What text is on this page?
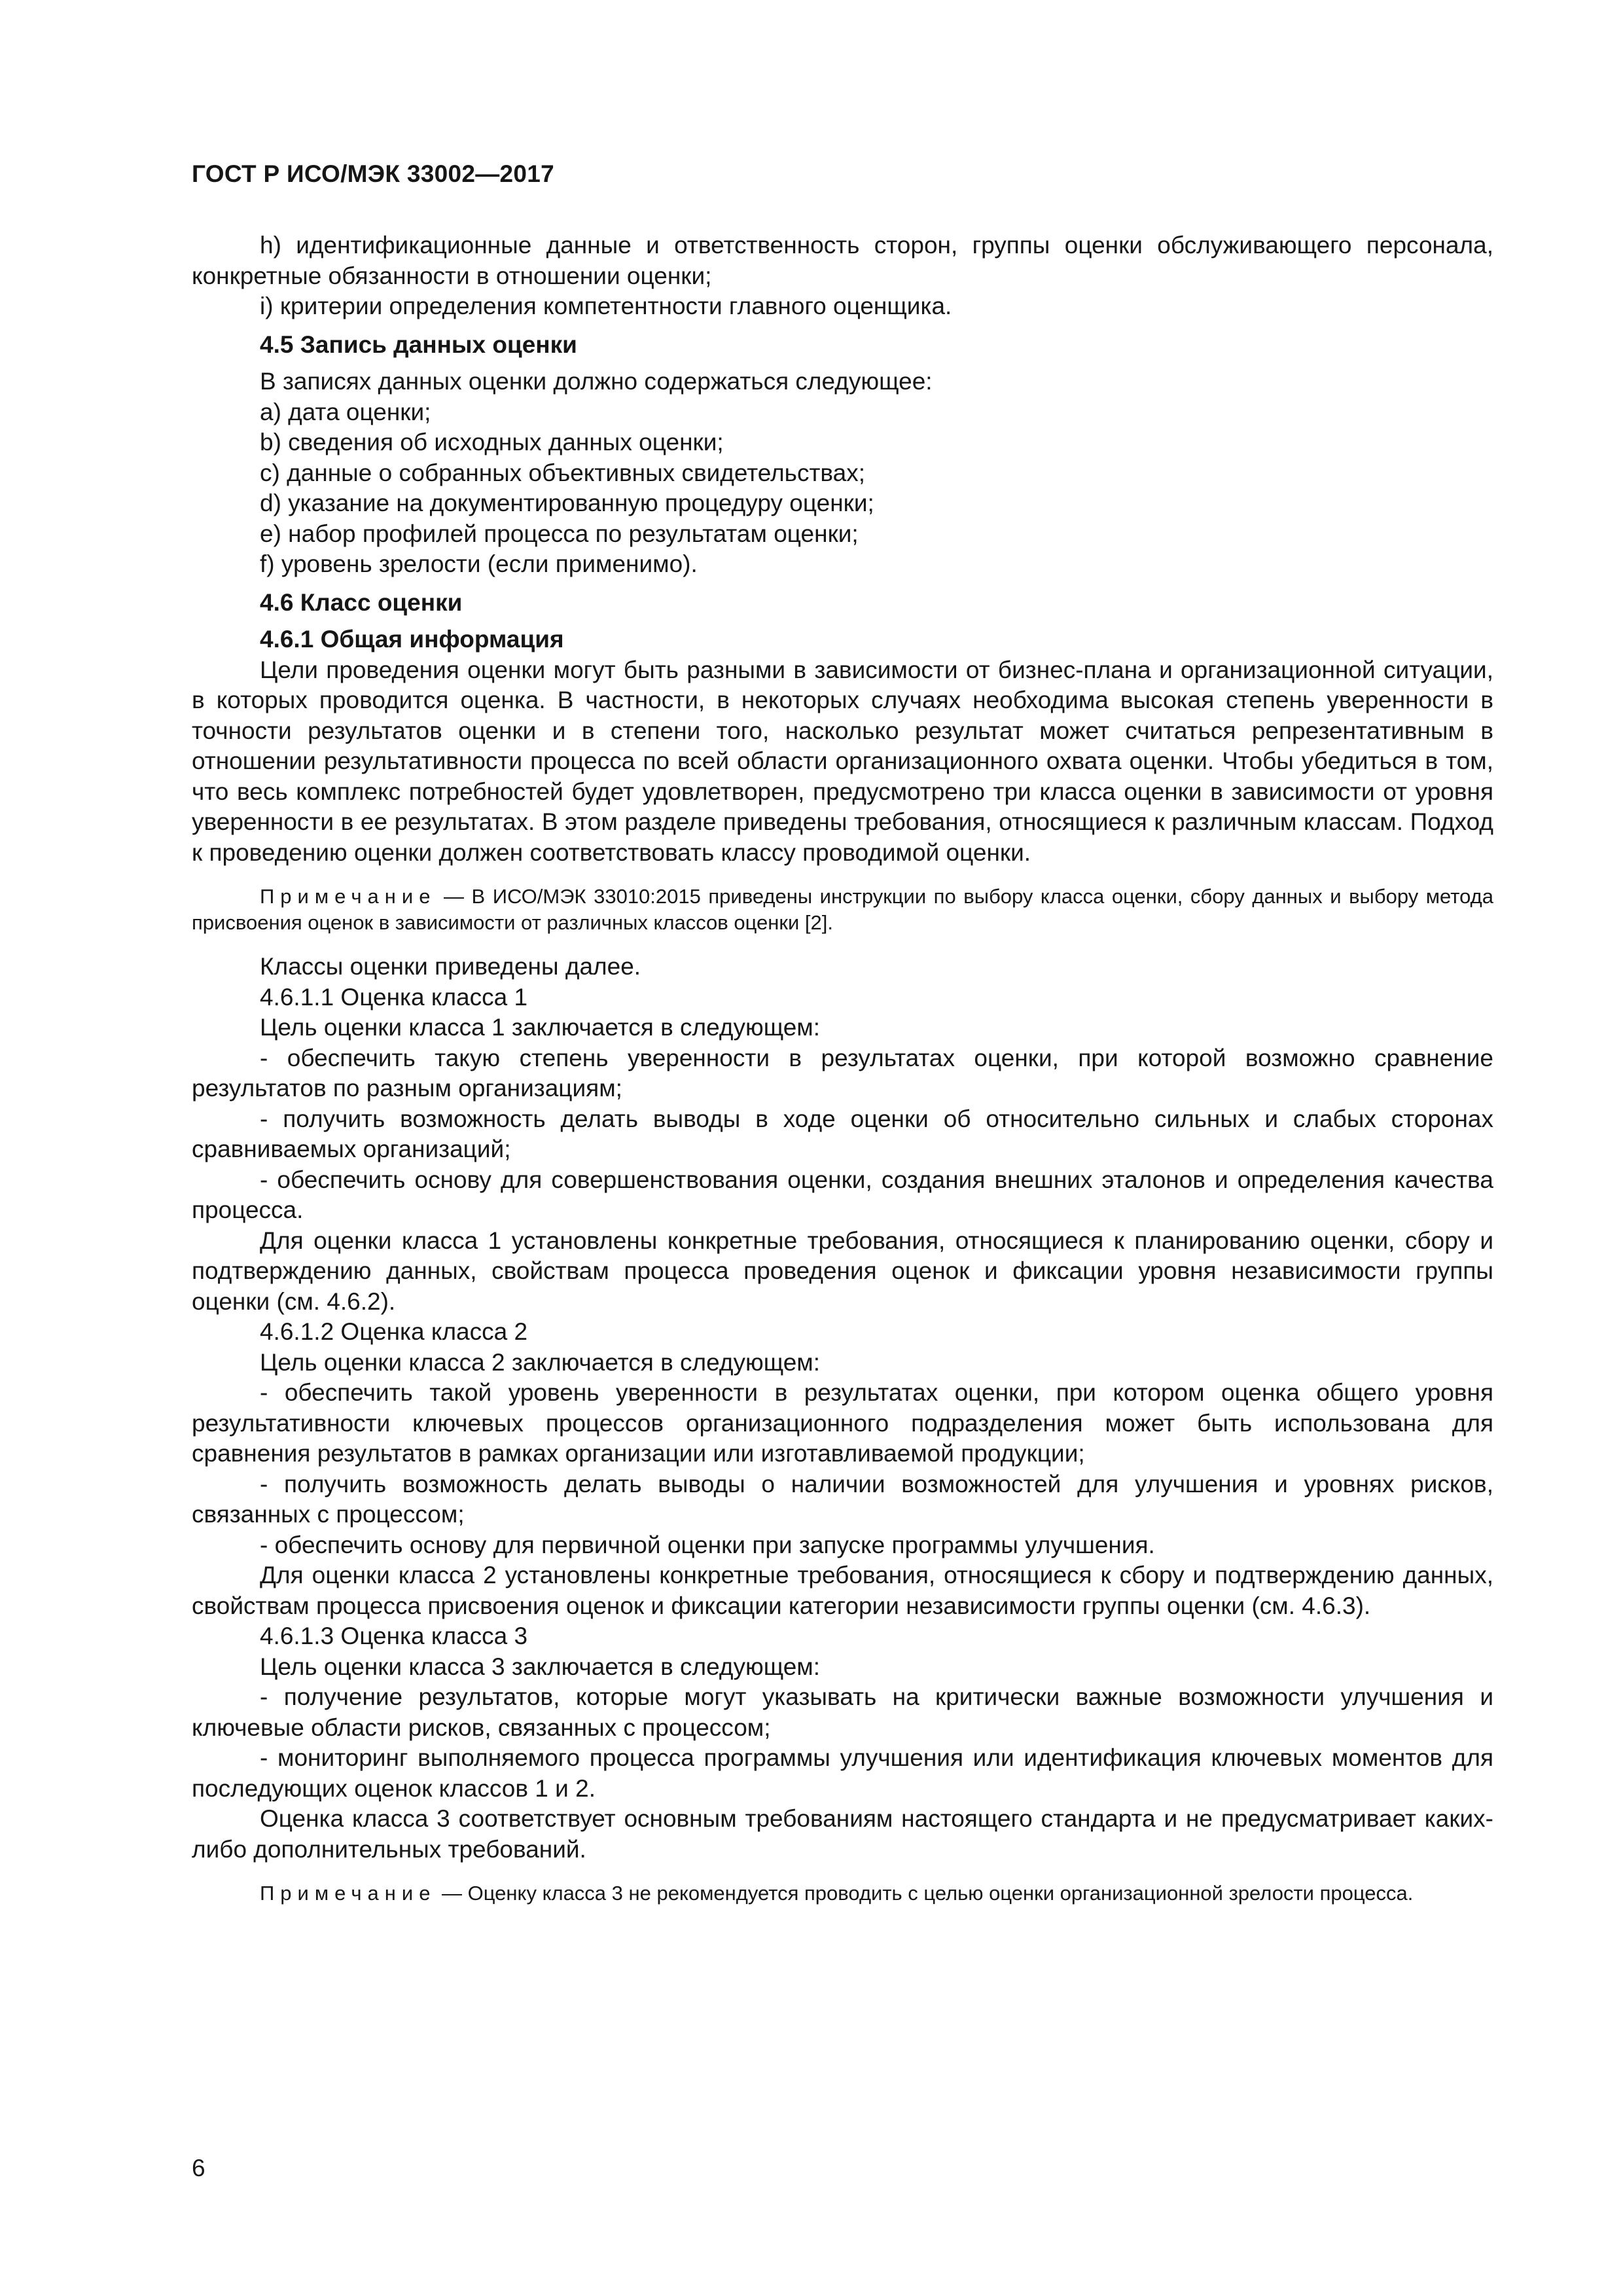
ГОСТ Р ИСО/МЭК 33002—2017

h) идентификационные данные и ответственность сторон, группы оценки обслуживающего персонала, конкретные обязанности в отношении оценки;

i) критерии определения компетентности главного оценщика.

4.5 Запись данных оценки

В записях данных оценки должно содержаться следующее:

a) дата оценки;

b) сведения об исходных данных оценки;

c) данные о собранных объективных свидетельствах;

d) указание на документированную процедуру оценки;

e) набор профилей процесса по результатам оценки;

f) уровень зрелости (если применимо).

4.6 Класс оценки
4.6.1 Общая информация

Цели проведения оценки могут быть разными в зависимости от бизнес-плана и организационной ситуации, в которых проводится оценка. В частности, в некоторых случаях необходима высокая степень уверенности в точности результатов оценки и в степени того, насколько результат может считаться репрезентативным в отношении результативности процесса по всей области организационного охвата оценки. Чтобы убедиться в том, что весь комплекс потребностей будет удовлетворен, предусмотрено три класса оценки в зависимости от уровня уверенности в ее результатах. В этом разделе приведены требования, относящиеся к различным классам. Подход к проведению оценки должен соответствовать классу проводимой оценки.

Примечание — В ИСО/МЭК 33010:2015 приведены инструкции по выбору класса оценки, сбору данных и выбору метода присвоения оценок в зависимости от различных классов оценки [2].

Классы оценки приведены далее.

4.6.1.1 Оценка класса 1

Цель оценки класса 1 заключается в следующем:

- обеспечить такую степень уверенности в результатах оценки, при которой возможно сравнение результатов по разным организациям;

- получить возможность делать выводы в ходе оценки об относительно сильных и слабых сторонах сравниваемых организаций;

- обеспечить основу для совершенствования оценки, создания внешних эталонов и определения качества процесса.

Для оценки класса 1 установлены конкретные требования, относящиеся к планированию оценки, сбору и подтверждению данных, свойствам процесса проведения оценок и фиксации уровня независимости группы оценки (см. 4.6.2).

4.6.1.2 Оценка класса 2

Цель оценки класса 2 заключается в следующем:

- обеспечить такой уровень уверенности в результатах оценки, при котором оценка общего уровня результативности ключевых процессов организационного подразделения может быть использована для сравнения результатов в рамках организации или изготавливаемой продукции;

- получить возможность делать выводы о наличии возможностей для улучшения и уровнях рисков, связанных с процессом;

- обеспечить основу для первичной оценки при запуске программы улучшения.

Для оценки класса 2 установлены конкретные требования, относящиеся к сбору и подтверждению данных, свойствам процесса присвоения оценок и фиксации категории независимости группы оценки (см. 4.6.3).

4.6.1.3 Оценка класса 3

Цель оценки класса 3 заключается в следующем:

- получение результатов, которые могут указывать на критически важные возможности улучшения и ключевые области рисков, связанных с процессом;

- мониторинг выполняемого процесса программы улучшения или идентификация ключевых моментов для последующих оценок классов 1 и 2.

Оценка класса 3 соответствует основным требованиям настоящего стандарта и не предусматривает каких-либо дополнительных требований.

Примечание — Оценку класса 3 не рекомендуется проводить с целью оценки организационной зрелости процесса.

6
